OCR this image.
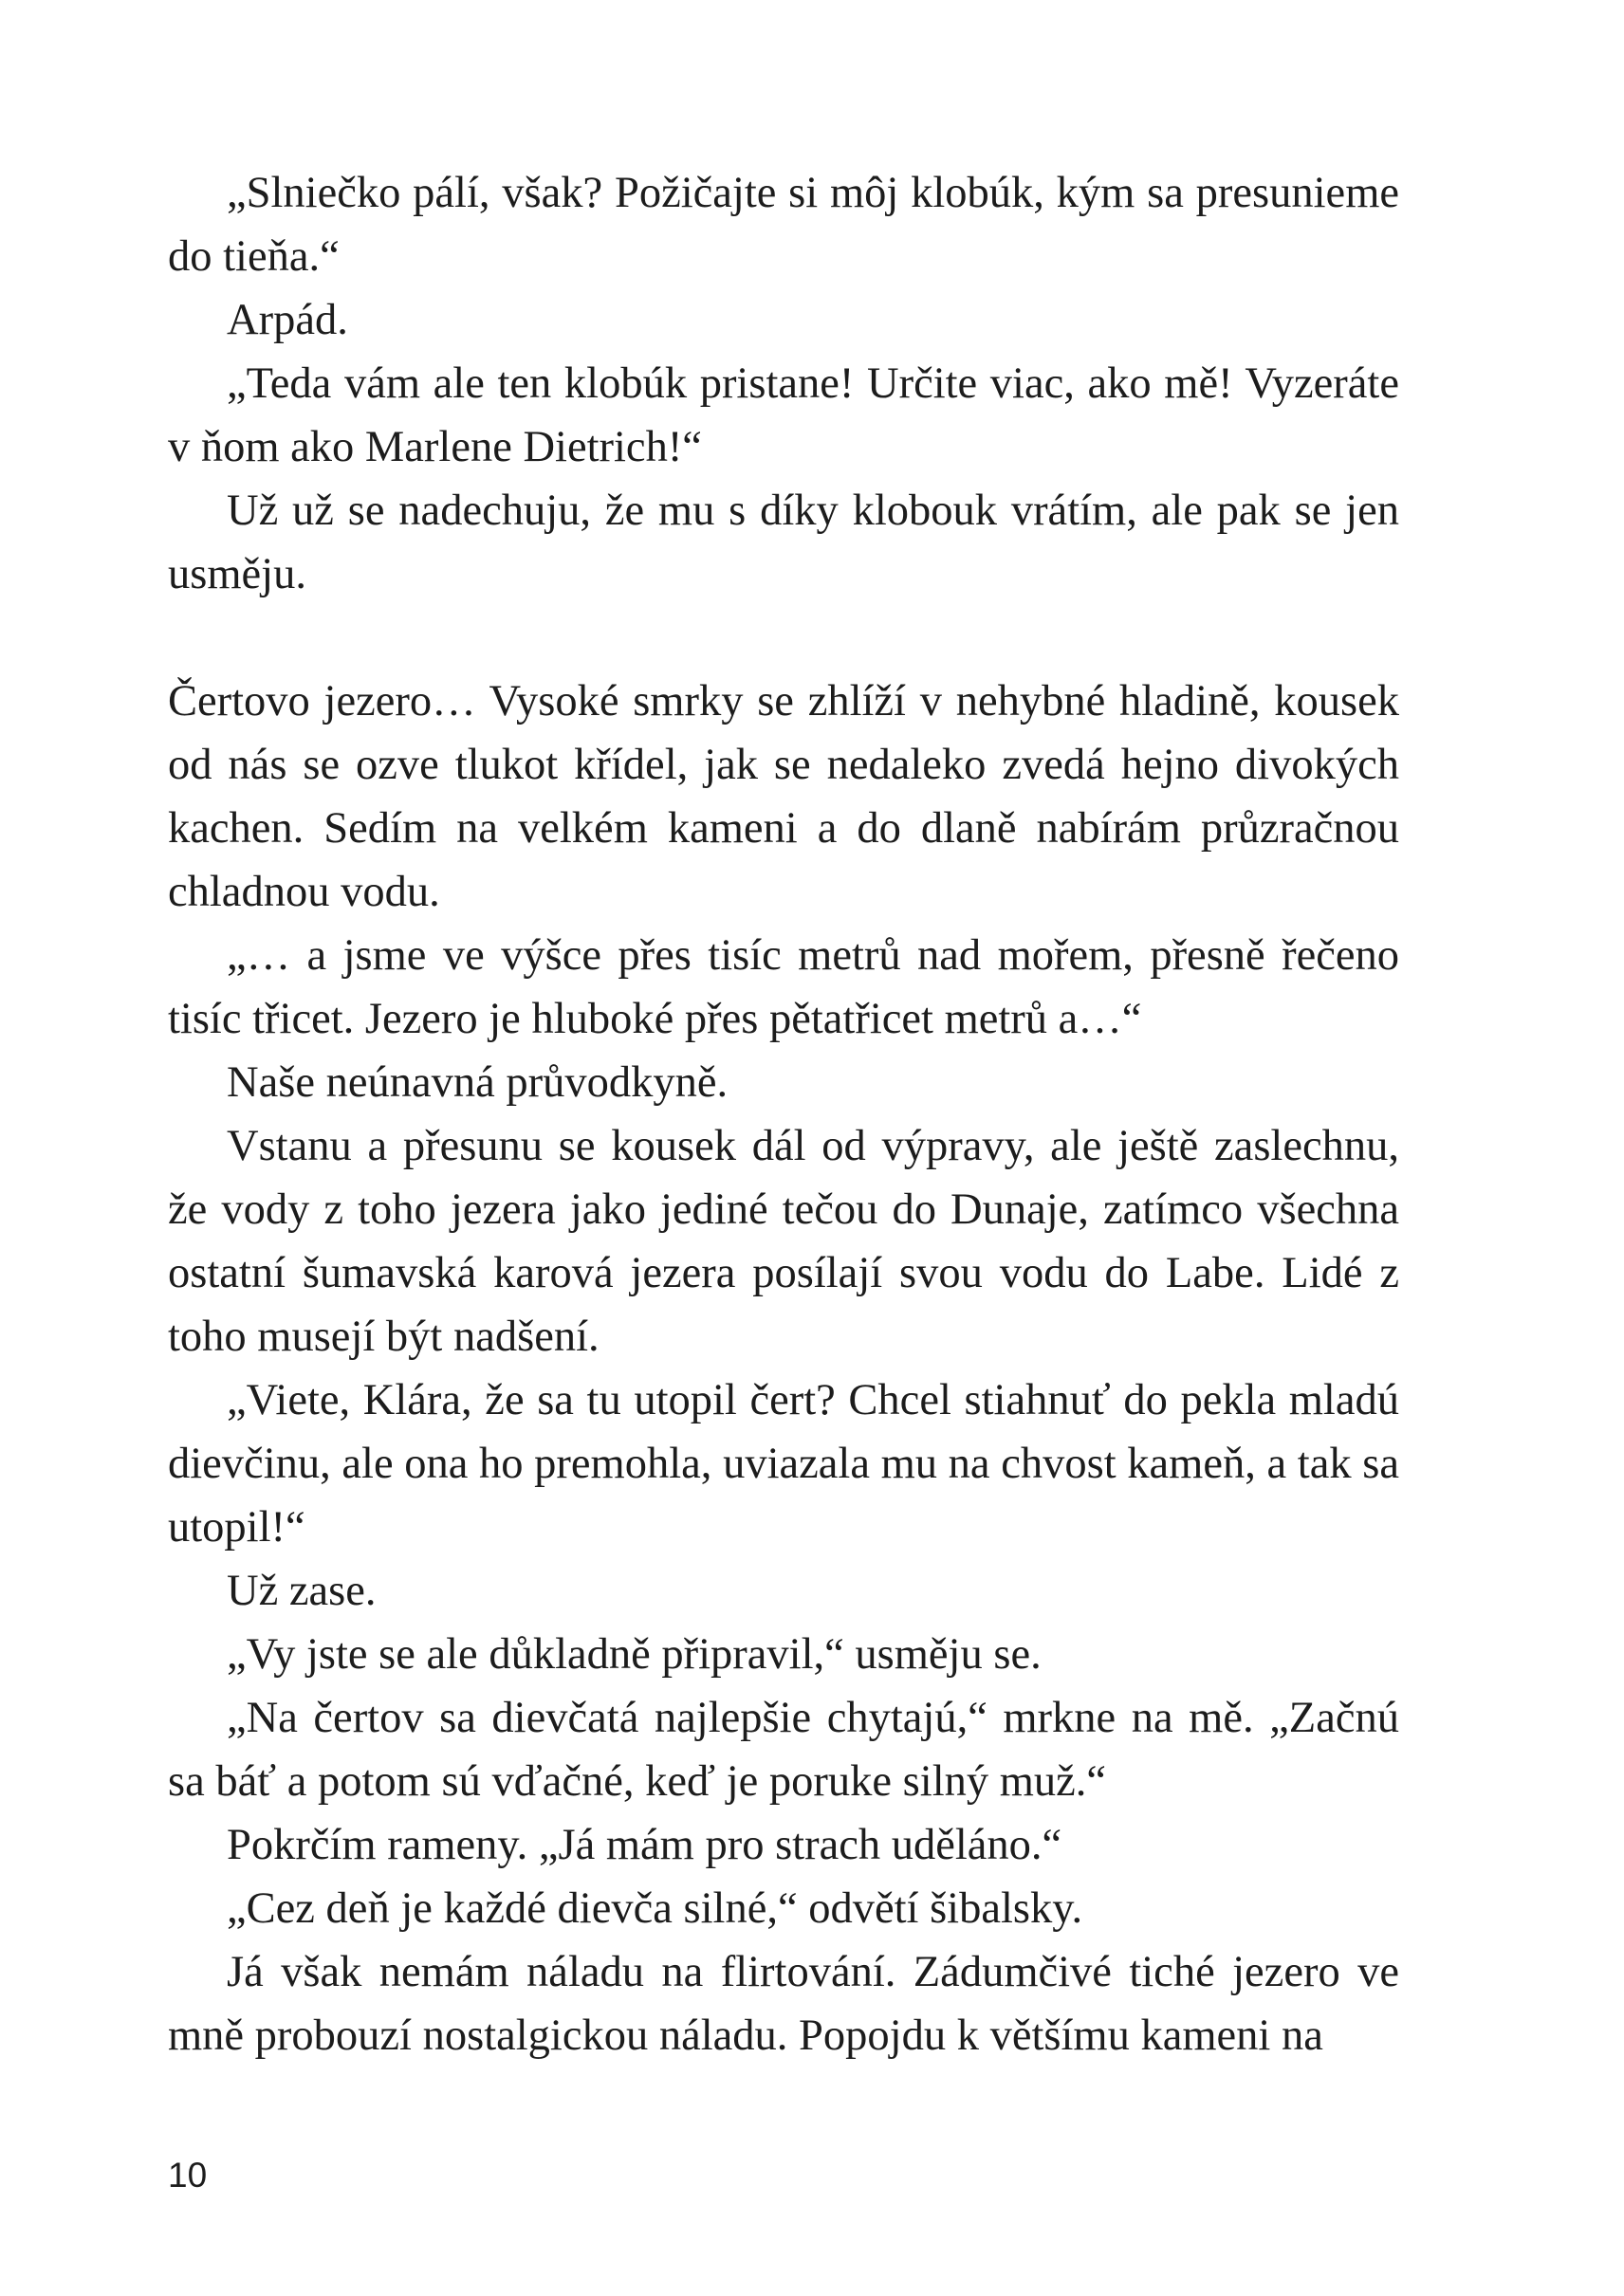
„Slniečko pálí, však? Požičajte si môj klobúk, kým sa presunieme do tieňa.“

Arpád.

„Teda vám ale ten klobúk pristane! Určite viac, ako mě! Vyzeráte v ňom ako Marlene Dietrich!“

Už už se nadechuju, že mu s díky klobouk vrátím, ale pak se jen usměju.

Čertovo jezero… Vysoké smrky se zhlíží v nehybné hladině, kousek od nás se ozve tlukot křídel, jak se nedaleko zvedá hejno divokých kachen. Sedím na velkém kameni a do dlaně nabírám průzračnou chladnou vodu.

„… a jsme ve výšce přes tisíc metrů nad mořem, přesně řečeno tisíc třicet. Jezero je hluboké přes pětatřicet metrů a…“

Naše neúnavná průvodkyně.

Vstanu a přesunu se kousek dál od výpravy, ale ještě zaslechnu, že vody z toho jezera jako jediné tečou do Dunaje, zatímco všechna ostatní šumavská karová jezera posílají svou vodu do Labe. Lidé z toho musejí být nadšení.

„Viete, Klára, že sa tu utopil čert? Chcel stiahnuť do pekla mladú dievčinu, ale ona ho premohla, uviazala mu na chvost kameň, a tak sa utopil!“

Už zase.

„Vy jste se ale důkladně připravil,“ usměju se.

„Na čertov sa dievčatá najlepšie chytajú,“ mrkne na mě. „Začnú sa báť a potom sú vďačné, keď je poruke silný muž.“

Pokrčím rameny. „Já mám pro strach uděláno.“

„Cez deň je každé dievča silné,“ odvětí šibalsky.

Já však nemám náladu na flirtování. Zádumčivé tiché jezero ve mně probouzí nostalgickou náladu. Popojdu k většímu kameni na

10
